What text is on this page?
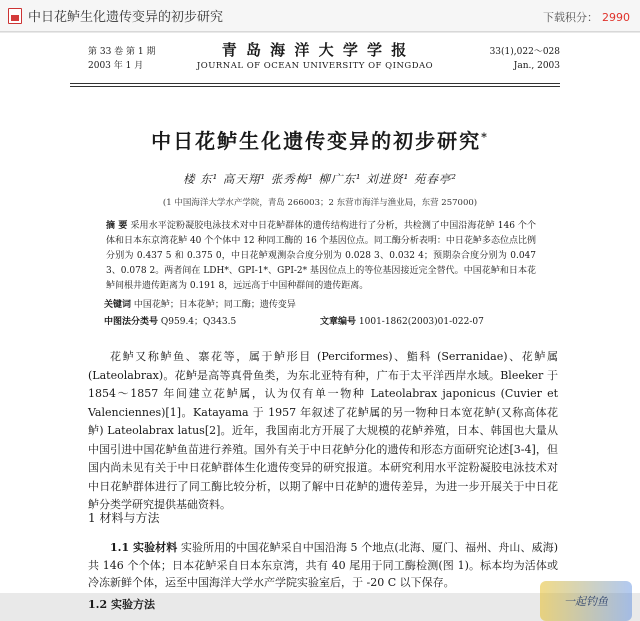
中日花鲈生化遗传变异的初步研究	下载积分： 2990
第 33 卷 第 1 期
2003 年 1 月
青 岛 海 洋 大 学 学 报
JOURNAL OF OCEAN UNIVERSITY OF QINGDAO
33(1),022～028
Jan., 2003
中日花鲈生化遗传变异的初步研究*
楼 东¹ 高天翔¹ 张秀梅¹ 柳广东¹ 刘进贤¹ 苑春亭²
(1 中国海洋大学水产学院，青岛 266003；2 东营市海洋与渔业局，东营 257000)
摘 要 采用水平淀粉凝胶电泳技术对中日花鲈群体的遗传结构进行了分析，共检测了中国沿海花鲈 146 个个体和日本东京湾花鲈 40 个个体中 12 种同工酶的 16 个基因位点。同工酶分析表明：中日花鲈多态位点比例分别为 0.437 5 和 0.375 0，中日花鲈观测杂合度分别为 0.028 3、0.032 4；预期杂合度分别为 0.047 3、0.078 2。两者间在 LDH*、GPI-1*、GPI-2* 基因位点上的等位基因接近完全替代。中国花鲈和日本花鲈间根井遗传距离为 0.191 8，远远高于中国种群间的遗传距离。
关键词 中国花鲈；日本花鲈；同工酶；遗传变异
中图法分类号 Q959.4；Q343.5	文章编号 1001-1862(2003)01-022-07

花鲈又称鲈鱼、寨花等，属于鲈形目 (Perciformes)、鮨科 (Serranidae)、花鲈属 (Lateolabrax)。花鲈是高等真骨鱼类，为东北亚特有种，广布于太平洋西岸水域。Bleeker 于 1854～1857 年间建立花鲈属，认为仅有单一物种 Lateolabrax japonicus (Cuvier et Valenciennes)[1]。Katayama 于 1957 年叙述了花鲈属的另一物种日本宽花鲈(又称高体花鲈) Lateolabrax latus[2]。近年，我国南北方开展了大规模的花鲈养殖，日本、韩国也大量从中国引进中国花鲈鱼苗进行养殖。国外有关于中日花鲈分化的遗传和形态方面研究论述[3-4]，但国内尚未见有关于中日花鲈群体生化遗传变异的研究报道。本研究利用水平淀粉凝胶电泳技术对中日花鲈群体进行了同工酶比较分析，以期了解中日花鲈的遗传差异，为进一步开展关于中日花鲈分类学研究提供基础资料。

1 材料与方法
1.1 实验材料 实验所用的中国花鲈采自中国沿海 5 个地点(北海、厦门、福州、舟山、威海)共 146 个个体；日本花鲈采自日本东京湾，共有 40 尾用于同工酶检测(图 1)。标本均为活体或冷冻新鲜个体，运至中国海洋大学水产学院实验室后，于 -20 C 以下保存。
1.2 实验方法	一起钓鱼
